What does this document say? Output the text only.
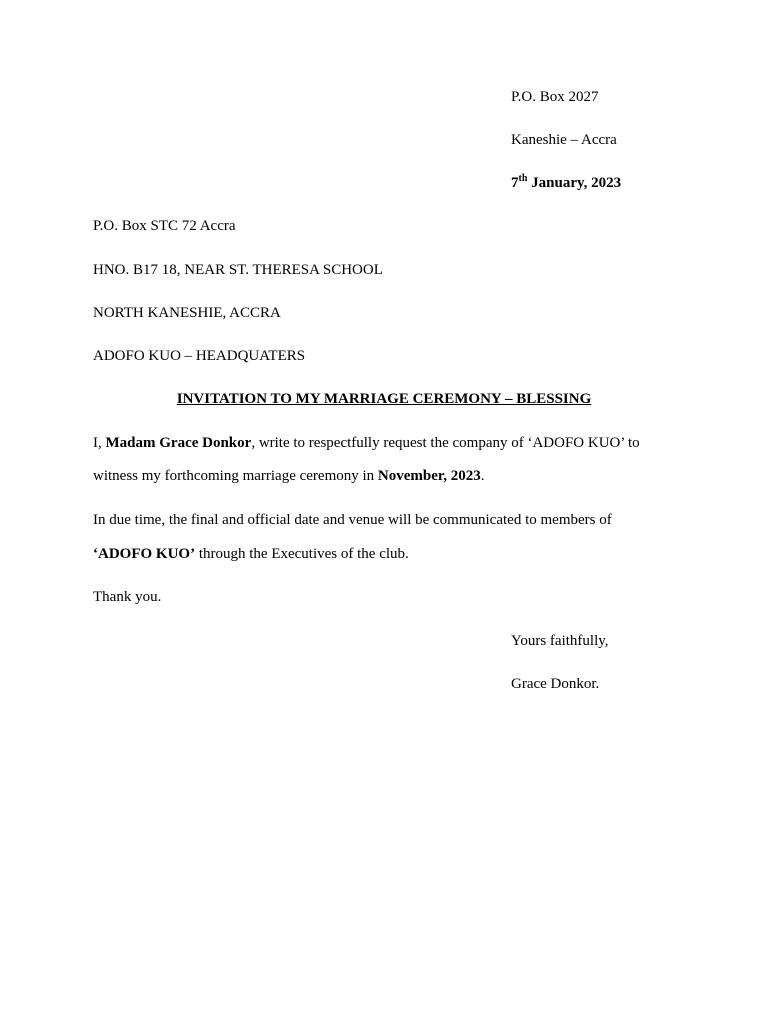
P.O. Box 2027
Kaneshie – Accra
7th January, 2023
P.O. Box STC 72 Accra
HNO. B17 18, NEAR ST. THERESA SCHOOL
NORTH KANESHIE, ACCRA
ADOFO KUO – HEADQUATERS
INVITATION TO MY MARRIAGE CEREMONY – BLESSING
I, Madam Grace Donkor, write to respectfully request the company of ‘ADOFO KUO’ to
witness my forthcoming marriage ceremony in November, 2023.
In due time, the final and official date and venue will be communicated to members of
‘ADOFO KUO’ through the Executives of the club.
Thank you.
Yours faithfully,
Grace Donkor.
